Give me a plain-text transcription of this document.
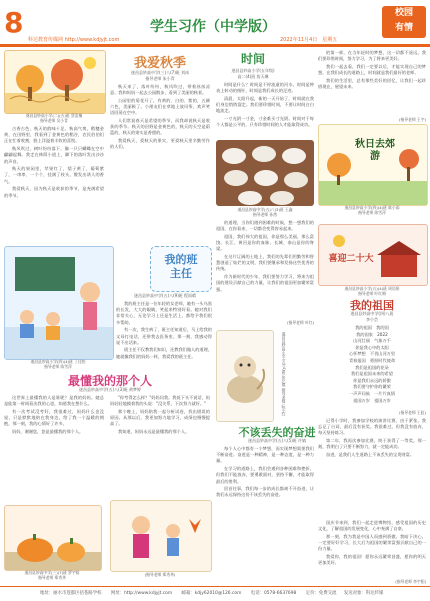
8	学生习作（中学版）
科达教育传媒网 http://www.kdjyjt.com	2022年11月4日　星期五
校园
有情
遂昌县妙高小学(二)(五)班 蔡浩楠
指导老师 吴小青

古香古色，秋天的韵味十足。秋高气爽，稻穗金黄，在田野里，我看到了金黄色的稻谷，农民伯伯们正在忙着收割，脸上洋溢着丰收的喜悦。

秋风吹过，树叶纷纷落下，像一只只蝴蝶在空中翩翩起舞。我走在林荫小道上，脚下的落叶发出沙沙的声音。

秋天的果园里，苹果红了，梨子黄了，葡萄紫了，一串串、一个个，挂满了枝头，散发出诱人的香气。

我爱秋天，因为秋天是收获的季节，是充满希望的季节。

我爱秋季
遂昌县妙高中学(三)八(7)班 刘冰
指导老师 朱小青

秋天来了，落叶纷纷，秋风吹过，带着丝丝凉意。我和妈妈一起去公园散步，看到了美丽的秋景。

公园里的菊花开了，有黄的、白的、紫的，五颜六色，美丽极了。小朋友们在草地上放风筝，欢声笑语回荡在空中。

人们常说春天是希望的季节，而我却说秋天是收获的季节。秋天的田野是金黄色的，秋天的天空是蔚蓝的，秋天的果实是香甜的。

我爱秋天，爱秋天的果实，更爱秋天里辛勤劳作的人们。

遂昌县妙高小学(四)(4)班 丁佳怡
指导老师 陈雪萍
我的班主任
遂昌县妙高中学(五)八(9)班 程雨晴

我的班主任是一位年轻的女老师，她有一头乌黑的长发，大大的眼睛，笑起来特别好看。她对我们非常关心，无论学习上还是生活上，都给予我们很多帮助。

有一次，我生病了，班主任知道后，马上给我的父母打电话，还带我去医务室。那一刻，我感动得说不出话来。

班主任不仅教我们知识，还教我们做人的道理，她就像我们的妈妈一样，我爱我的班主任。

最懂我的那个人
遂昌县妙高中学(五)八(3)班 黄梦婷

这世界上最懂我的人是谁呢？是我的妈妈。她总是能第一时间看出我的心思，知道我在想什么。

有一次考试没考好，我很难过，妈妈什么也没说，只是默默地陪在我身边，给了我一个温暖的拥抱，那一刻，我的心情好了许多。

妈妈，谢谢您，您是最懂我的那个人。

"你考得怎么样？"妈妈问我。我低下头不说话，妈妈轻轻地摸着我的头说："没关系，下次努力就好。"

那个晚上，妈妈陪我一起分析试卷，找出错误的原因。从那以后，我更加努力地学习，成绩也慢慢提高了。

我知道，妈妈永远是最懂我的那个人。

遂昌县妙高中学(三)(7)班 罗宇晗
指导老师 郑秀华
(指导老师 郑秀华)
时间
遂昌县妙高小学(五年级)
高二(4)班 詹天琳

时间是什么？时间是不停流逝的河水，时间是钟表上转动的指针，时间是我们成长的足迹。

清晨，太阳升起，新的一天开始了，时间就在我们身边悄悄溜走。我们要珍惜时间，不要让时间白白地流走。

一寸光阴一寸金，寸金难买寸光阴。时间对于每个人都是公平的，只有珍惜时间的人才能取得成功。

遂昌县妙高中学(五)八(3)班 王鑫
指导老师 孙茜

的道理，当你们遇到困难的时候，想一想我们的祖国，在你看来，一切都会变得容易起来。

祖国，我们伟大的祖国，你是那么美丽，那么富饶。长江、黄河是你的血脉，长城、泰山是你的脊梁。

在这片辽阔的土地上，我们的先辈们用勤劳和智慧创造了灿烂的文明，我们要继承和发扬这些优秀的传统。

作为新时代的少年，我们要努力学习，将来为祖国的建设贡献自己的力量，让我们的祖国更加繁荣富强。

(指导老师 叶红)
遂昌县妙高小学(五)(4)班 张芯琪 指导老师 阮小红
不该丢失的奋进
遂昌县妙高中学(五)八(5)班 许婧

每个人心中都有一个梦想，而实现梦想需要我们不断奋进。奋进是一种精神，是一种态度，是一种力量。

在学习的道路上，我们会遇到各种困难和挫折，但我们不能放弃，要勇敢面对，坚持不懈，才能取得最后的胜利。

回首往事，我们每一步的成长都离不开奋进，让我们永远保持这份不该丢失的奋进。

的第一样，在当年轻时的梦想，这一切都不遥远，我们要珍惜时间，努力学习，为了将来更美好。

我们一起去看，我们一定要以后，才能实现自己的梦想。在我们成长的道路上，时间就是我们最好的老师。

我们的生活里，总有那些美好的回忆，让我们一起珍惜现在，展望未来。

(指导老师 王宇)
秋日去郊游
遂昌县妙高小学(四)(4)班 陈小雨
指导老师 陈雪萍
喜迎二十大
遂昌县妙高小学(五)(4)班 周语彤
指导老师 叶红梅
我的祖国
遂昌县妙高中学(四)八班
李小芸
我的祖国　我的国
我的国家　2022
山河壮丽　气象万千
你是我心中的太阳
心怀梦想　不畏山河万里
青春报国　勇担时代使命
我们是祖国的花朵
我们是祖国未来的希望
你是我们永远的骄傲
我们要守护你的繁荣
一声声问候　一片片真情
祖国万岁　祖国万岁
(指导老师 王虹)

记得小学时，我参加学校的演讲比赛，由于紧张，我忘记了台词，最后没有获奖。我很难过，但我没有放弃，每天坚持练习。

第二年，我再次参加比赛，终于获得了一等奖。那一刻，我明白了只要不断努力，就一定能成功。

奋进，是我们人生道路上不该丢失的宝贵财富。

国庆节来到，我们一起走进博物馆，感受祖国的历史文化，了解祖国的发展变化，心中充满了自豪。

那一刻，我为我是中国人而感到骄傲。我暗下决心，一定要好好学习，长大后为祖国的繁荣富强贡献自己的一份力量。

我爱你，我的祖国！愿你永远繁荣昌盛，愿你的明天更加美好。

(指导老师 李宇阳)
地址：丽水市莲都区括苍路学校 网址：http://www.kdjyjt.com 邮箱：kdjy62010@126.com 电话：0578-6637698 定价：免费交流 发送对象：科达传媒
